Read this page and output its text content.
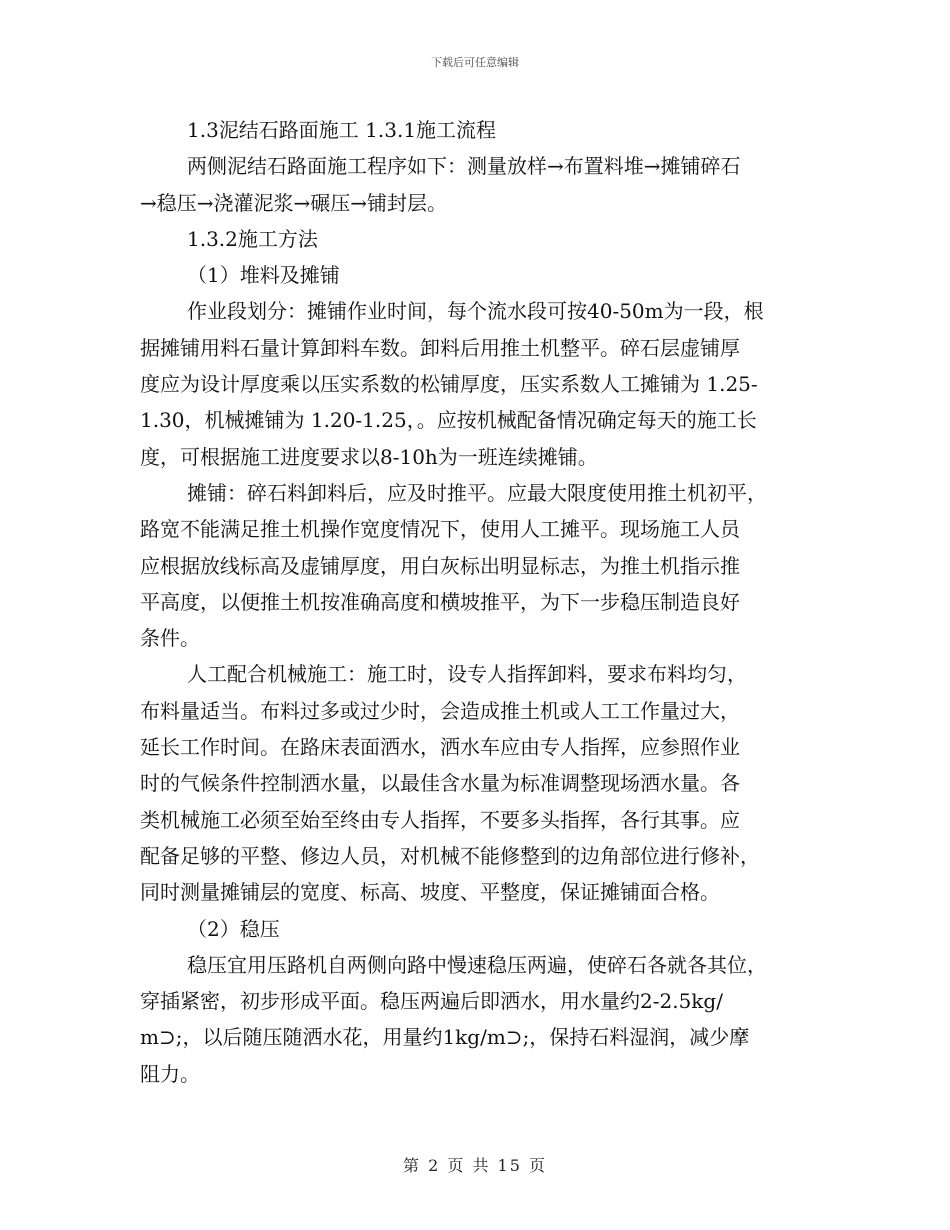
下载后可任意编辑
1.3泥结石路面施工 1.3.1施工流程
两侧泥结石路面施工程序如下：测量放样→布置料堆→摊铺碎石
→稳压→浇灌泥浆→碾压→铺封层。
1.3.2施工方法
（1）堆料及摊铺
作业段划分：摊铺作业时间，每个流水段可按40-50m为一段，根
据摊铺用料石量计算卸料车数。卸料后用推土机整平。碎石层虚铺厚
度应为设计厚度乘以压实系数的松铺厚度，压实系数人工摊铺为 1.25-
1.30，机械摊铺为 1.20-1.25，。应按机械配备情况确定每天的施工长
度，可根据施工进度要求以8-10h为一班连续摊铺。
摊铺：碎石料卸料后，应及时推平。应最大限度使用推土机初平，
路宽不能满足推土机操作宽度情况下，使用人工摊平。现场施工人员
应根据放线标高及虚铺厚度，用白灰标出明显标志，为推土机指示推
平高度，以便推土机按准确高度和横坡推平，为下一步稳压制造良好
条件。
人工配合机械施工：施工时，设专人指挥卸料，要求布料均匀，
布料量适当。布料过多或过少时，会造成推土机或人工工作量过大，
延长工作时间。在路床表面洒水，洒水车应由专人指挥，应参照作业
时的气候条件控制洒水量，以最佳含水量为标准调整现场洒水量。各
类机械施工必须至始至终由专人指挥，不要多头指挥，各行其事。应
配备足够的平整、修边人员，对机械不能修整到的边角部位进行修补，
同时测量摊铺层的宽度、标高、坡度、平整度，保证摊铺面合格。
（2）稳压
稳压宜用压路机自两侧向路中慢速稳压两遍，使碎石各就各其位，
穿插紧密，初步形成平面。稳压两遍后即洒水，用水量约2-2.5kg/
m⊃;，以后随压随洒水花，用量约1kg/m⊃;，保持石料湿润，减少摩
阻力。
第 2 页 共 15 页
